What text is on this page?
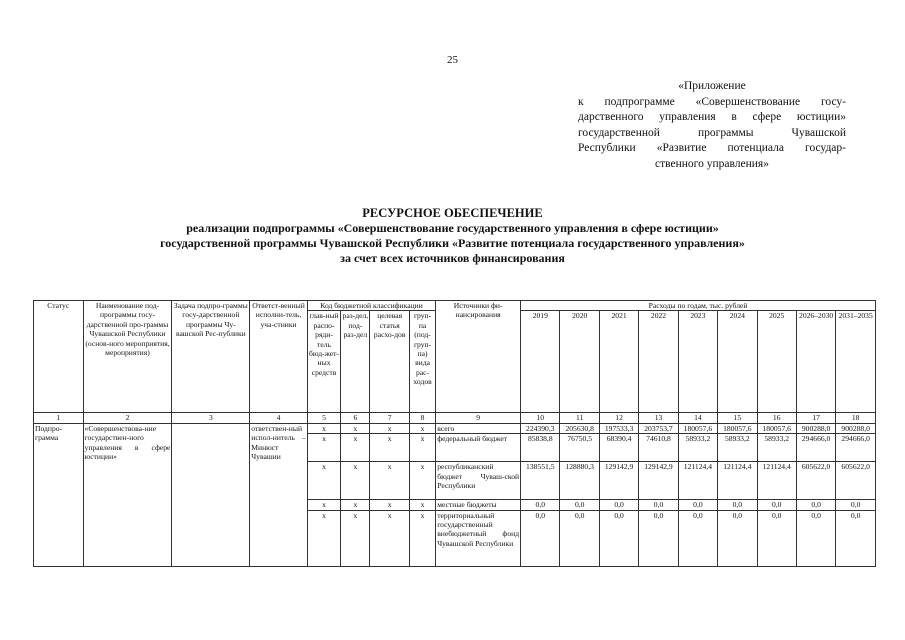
25
«Приложение
к подпрограмме «Совершенствование госу-
дарственного управления в сфере юстиции»
государственной программы Чувашской
Республики «Развитие потенциала государ-
ственного управления»
РЕСУРСНОЕ ОБЕСПЕЧЕНИЕ
реализации подпрограммы «Совершенствование государственного управления в сфере юстиции»
государственной программы Чувашской Республики «Развитие потенциала государственного управления»
за счет всех источников финансирования
Статус	Наименование под-программы госу-дарственной про-граммы Чувашской Республики (основ-ного мероприятия, мероприятия)	Задача подпро-граммы госу-дарственной программы Чу-вашской Рес-публики	Ответст-венный исполни-тель, уча-стники	Код бюджетной классификации				Источники фи-нансирования	Расходы по годам, тыс. рублей								
				глав-ный распо-ряди-тель бюд-жет-ных средств	раз-дел, под-раз-дел	целевая статья расхо-дов	груп-па (под-груп-па) вида рас-ходов		2019	2020	2021	2022	2023	2024	2025	2026–2030	2031–2035
1	2	3	4	5	6	7	8	9	10	11	12	13	14	15	16	17	18
Подпро-грамма	«Совершенствова-ние государствен-ного управления в сфере юстиции»		ответствен-ный испол-нитель – Минюст Чувашии	x	x	x	x	всего	224390,3	205630,8	197533,3	203753,7	180057,6	180057,6	180057,6	900288,0	900288,0
				x	x	x	x	федеральный бюджет	85838,8	76750,5	68390,4	74610,8	58933,2	58933,2	58933,2	294666,0	294666,0
				x	x	x	x	республиканский бюджет Чуваш-ской Республики	138551,5	128880,3	129142,9	129142,9	121124,4	121124,4	121124,4	605622,0	605622,0
				x	x	x	x	местные бюджеты	0,0	0,0	0,0	0,0	0,0	0,0	0,0	0,0	0,0
				x	x	x	x	территориальный государственный внебюджетный фонд Чувашской Республики	0,0	0,0	0,0	0,0	0,0	0,0	0,0	0,0	0,0
